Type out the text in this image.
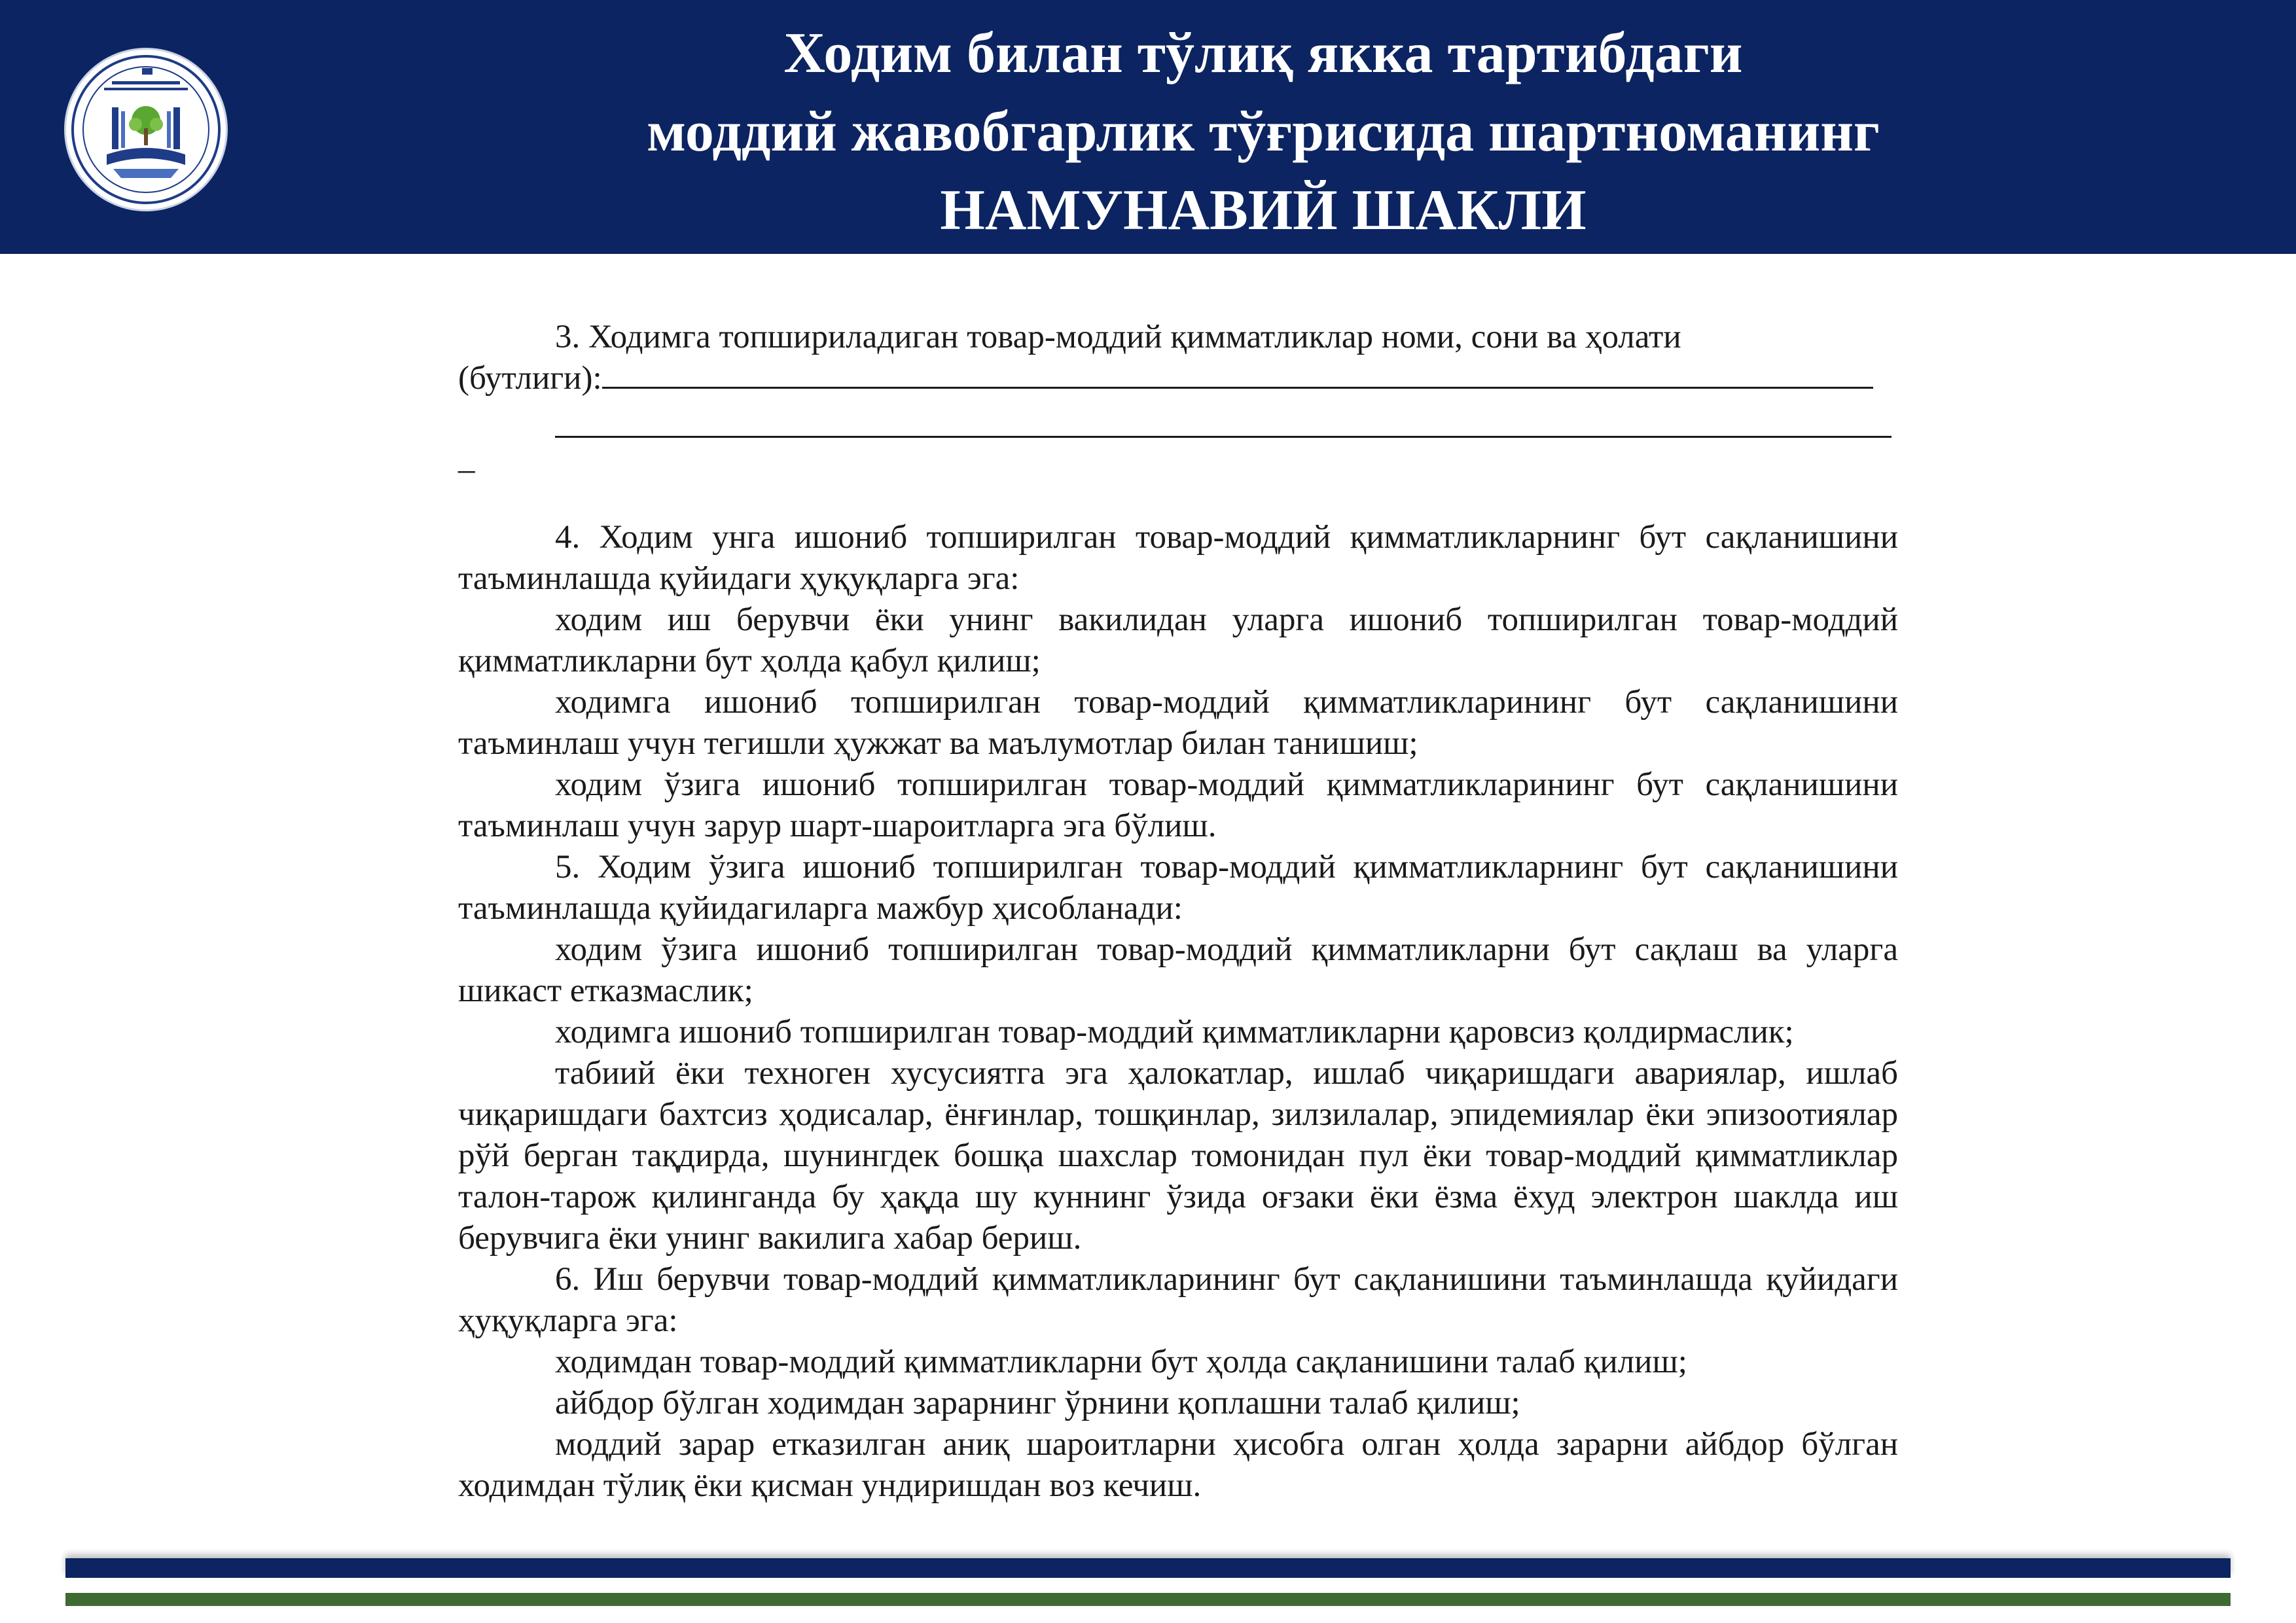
Ходим билан тўлиқ якка тартибдаги
моддий жавобгарлик тўғрисида шартноманинг
НАМУНАВИЙ ШАКЛИ

3. Ходимга топшириладиган товар-моддий қимматликлар номи, сони ва ҳолати

(бутлиги):

_

4. Ходим унга ишониб топширилган товар-моддий қимматликларнинг бут сақланишини таъминлашда қуйидаги ҳуқуқларга эга:

ходим иш берувчи ёки унинг вакилидан уларга ишониб топширилган товар-моддий қимматликларни бут ҳолда қабул қилиш;

ходимга ишониб топширилган товар-моддий қимматликларининг бут сақланишини таъминлаш учун тегишли ҳужжат ва маълумотлар билан танишиш;

ходим ўзига ишониб топширилган товар-моддий қимматликларининг бут сақланишини таъминлаш учун зарур шарт-шароитларга эга бўлиш.

5. Ходим ўзига ишониб топширилган товар-моддий қимматликларнинг бут сақланишини таъминлашда қуйидагиларга мажбур ҳисобланади:

ходим ўзига ишониб топширилган товар-моддий қимматликларни бут сақлаш ва уларга шикаст етказмаслик;

ходимга ишониб топширилган товар-моддий қимматликларни қаровсиз қолдирмаслик;

табиий ёки техноген хусусиятга эга ҳалокатлар, ишлаб чиқаришдаги авариялар, ишлаб чиқаришдаги бахтсиз ҳодисалар, ёнғинлар, тошқинлар, зилзилалар, эпидемиялар ёки эпизоотиялар рўй берган тақдирда, шунингдек бошқа шахслар томонидан пул ёки товар-моддий қимматликлар талон-тарож қилинганда бу ҳақда шу куннинг ўзида оғзаки ёки ёзма ёхуд электрон шаклда иш берувчига ёки унинг вакилига хабар бериш.

6. Иш берувчи товар-моддий қимматликларининг бут сақланишини таъминлашда қуйидаги ҳуқуқларга эга:

ходимдан товар-моддий қимматликларни бут ҳолда сақланишини талаб қилиш;

айбдор бўлган ходимдан зарарнинг ўрнини қоплашни талаб қилиш;

моддий зарар етказилган аниқ шароитларни ҳисобга олган ҳолда зарарни айбдор бўлган ходимдан тўлиқ ёки қисман ундиришдан воз кечиш.
